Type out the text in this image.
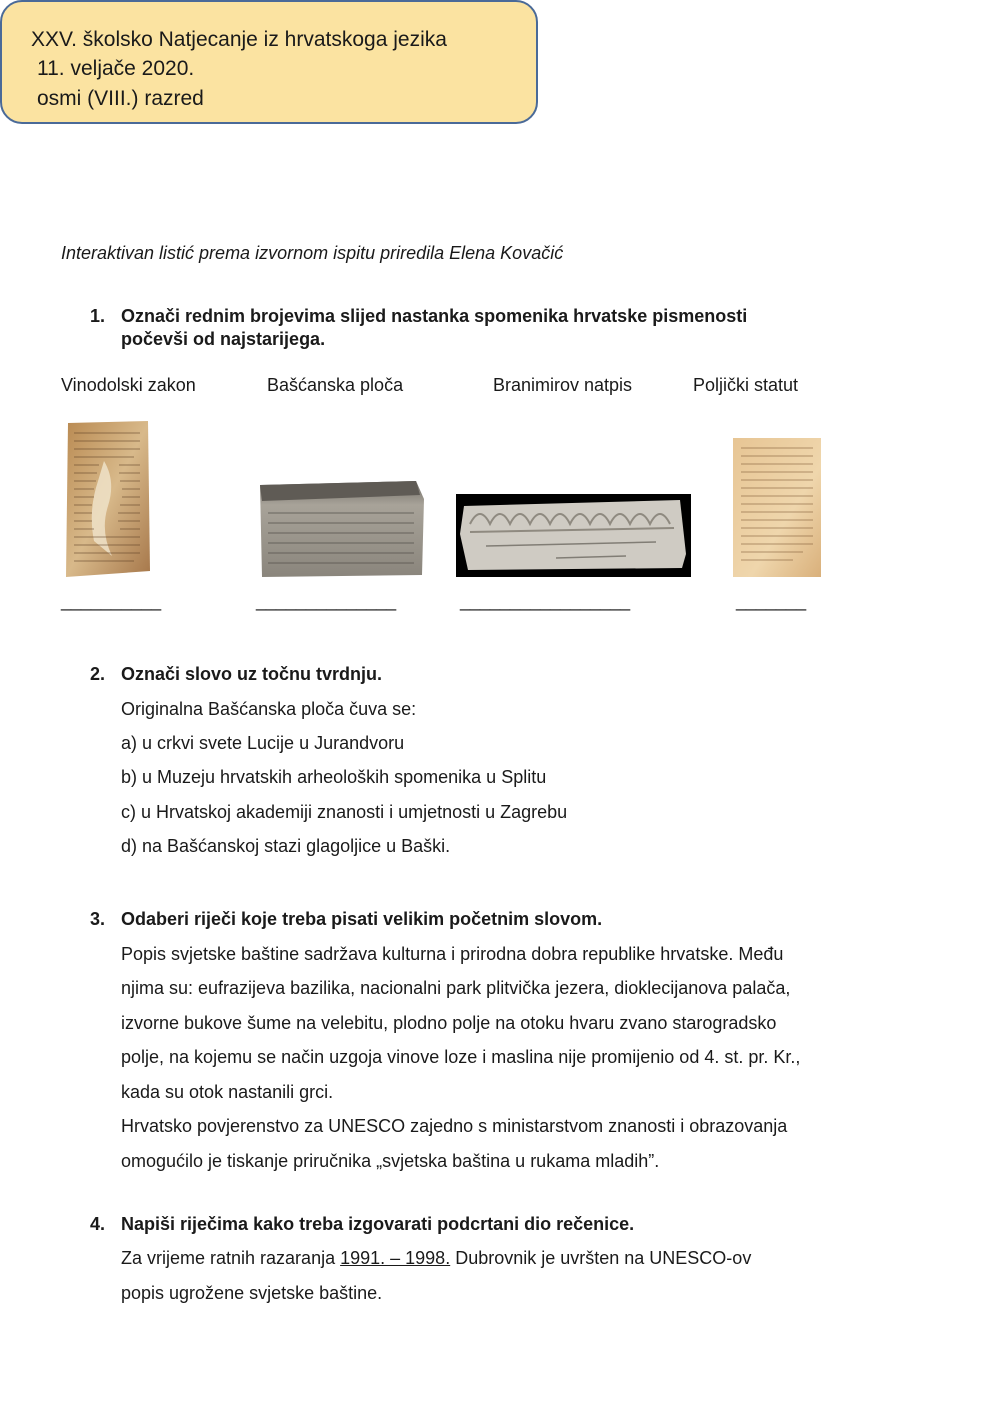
XXV. školsko Natjecanje iz hrvatskoga jezika
11. veljače 2020.
osmi (VIII.) razred
Interaktivan listić prema izvornom ispitu priredila Elena Kovačić
1. Označi rednim brojevima slijed nastanka spomenika hrvatske pismenosti
počevši od najstarijega.
Vinodolski zakon	Bašćanska ploča	Branimirov natpis	Poljički statut
__________	______________	_________________	_______
2. Označi slovo uz točnu tvrdnju.
Originalna Bašćanska ploča čuva se:
a) u crkvi svete Lucije u Jurandvoru
b) u Muzeju hrvatskih arheoloških spomenika u Splitu
c) u Hrvatskoj akademiji znanosti i umjetnosti u Zagrebu
d) na Bašćanskoj stazi glagoljice u Baški.
3. Odaberi riječi koje treba pisati velikim početnim slovom.
Popis svjetske baštine sadržava kulturna i prirodna dobra republike hrvatske. Među
njima su: eufrazijeva bazilika, nacionalni park plitvička jezera, dioklecijanova palača,
izvorne bukove šume na velebitu, plodno polje na otoku hvaru zvano starogradsko
polje, na kojemu se način uzgoja vinove loze i maslina nije promijenio od 4. st. pr. Kr.,
kada su otok nastanili grci.
Hrvatsko povjerenstvo za UNESCO zajedno s ministarstvom znanosti i obrazovanja
omogućilo je tiskanje priručnika „svjetska baština u rukama mladih”.
4. Napiši riječima kako treba izgovarati podcrtani dio rečenice.
Za vrijeme ratnih razaranja 1991. – 1998. Dubrovnik je uvršten na UNESCO-ov
popis ugrožene svjetske baštine.
